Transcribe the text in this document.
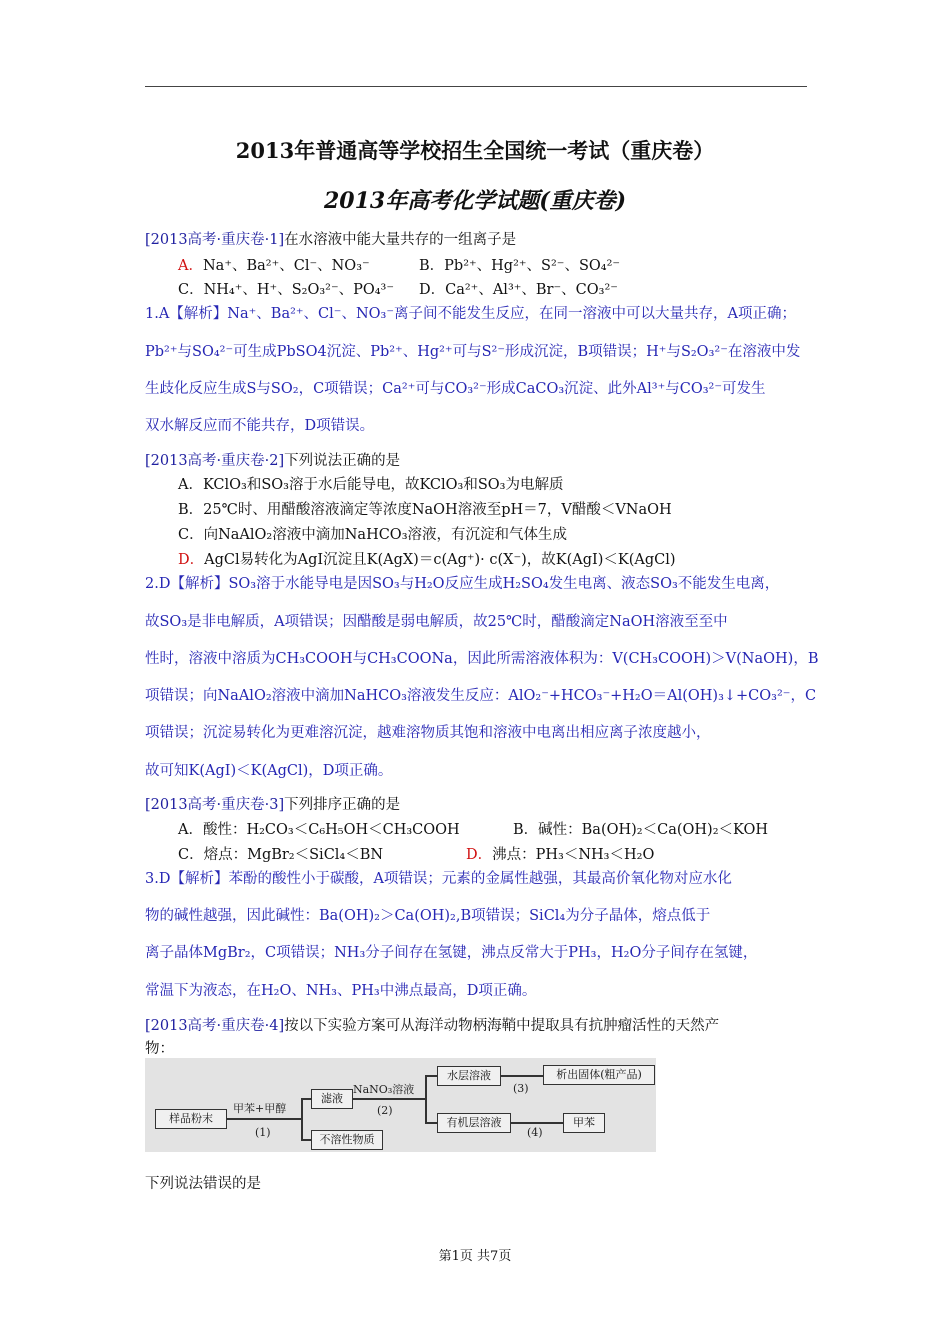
2013年普通高等学校招生全国统一考试（重庆卷）
2013年高考化学试题(重庆卷)
[2013高考·重庆卷·1]在水溶液中能大量共存的一组离子是
A．Na⁺、Ba²⁺、Cl⁻、NO₃⁻	B．Pb²⁺、Hg²⁺、S²⁻、SO₄²⁻
C．NH₄⁺、H⁺、S₂O₃²⁻、PO₄³⁻ D．Ca²⁺、Al³⁺、Br⁻、CO₃²⁻
1.A【解析】Na⁺、Ba²⁺、Cl⁻、NO₃⁻离子间不能发生反应，在同一溶液中可以大量共存，A项正确；
Pb²⁺与SO₄²⁻可生成PbSO4沉淀、Pb²⁺、Hg²⁺可与S²⁻形成沉淀，B项错误；H⁺与S₂O₃²⁻在溶液中发
生歧化反应生成S与SO₂，C项错误；Ca²⁺可与CO₃²⁻形成CaCO₃沉淀、此外Al³⁺与CO₃²⁻可发生
双水解反应而不能共存，D项错误。
[2013高考·重庆卷·2]下列说法正确的是
A．KClO₃和SO₃溶于水后能导电，故KClO₃和SO₃为电解质
B．25℃时、用醋酸溶液滴定等浓度NaOH溶液至pH＝7，V醋酸＜VNaOH
C．向NaAlO₂溶液中滴加NaHCO₃溶液，有沉淀和气体生成
D．AgCl易转化为AgI沉淀且K(AgX)＝c(Ag⁺)· c(X⁻)，故K(AgI)＜K(AgCl)
2.D【解析】SO₃溶于水能导电是因SO₃与H₂O反应生成H₂SO₄发生电离、液态SO₃不能发生电离，
故SO₃是非电解质，A项错误；因醋酸是弱电解质，故25℃时，醋酸滴定NaOH溶液至至中
性时，溶液中溶质为CH₃COOH与CH₃COONa，因此所需溶液体积为：V(CH₃COOH)＞V(NaOH)，B
项错误；向NaAlO₂溶液中滴加NaHCO₃溶液发生反应：AlO₂⁻+HCO₃⁻+H₂O＝Al(OH)₃↓+CO₃²⁻，C
项错误；沉淀易转化为更难溶沉淀，越难溶物质其饱和溶液中电离出相应离子浓度越小，
故可知K(AgI)＜K(AgCl)，D项正确。
[2013高考·重庆卷·3]下列排序正确的是
A．酸性：H₂CO₃＜C₆H₅OH＜CH₃COOH	B．碱性：Ba(OH)₂＜Ca(OH)₂＜KOH
C．熔点：MgBr₂＜SiCl₄＜BN	D．沸点：PH₃＜NH₃＜H₂O
3.D【解析】苯酚的酸性小于碳酸，A项错误；元素的金属性越强，其最高价氧化物对应水化
物的碱性越强，因此碱性：Ba(OH)₂＞Ca(OH)₂,B项错误；SiCl₄为分子晶体，熔点低于
离子晶体MgBr₂，C项错误；NH₃分子间存在氢键，沸点反常大于PH₃，H₂O分子间存在氢键，
常温下为液态，在H₂O、NH₃、PH₃中沸点最高，D项正确。
[2013高考·重庆卷·4]按以下实验方案可从海洋动物柄海鞘中提取具有抗肿瘤活性的天然产
物：
样品粉末
甲苯+甲醇
(1)
滤液
不溶性物质
NaNO₃溶液
(2)
水层溶液
有机层溶液
(3)
析出固体(粗产品)
(4)
甲苯
下列说法错误的是
第1页 共7页
